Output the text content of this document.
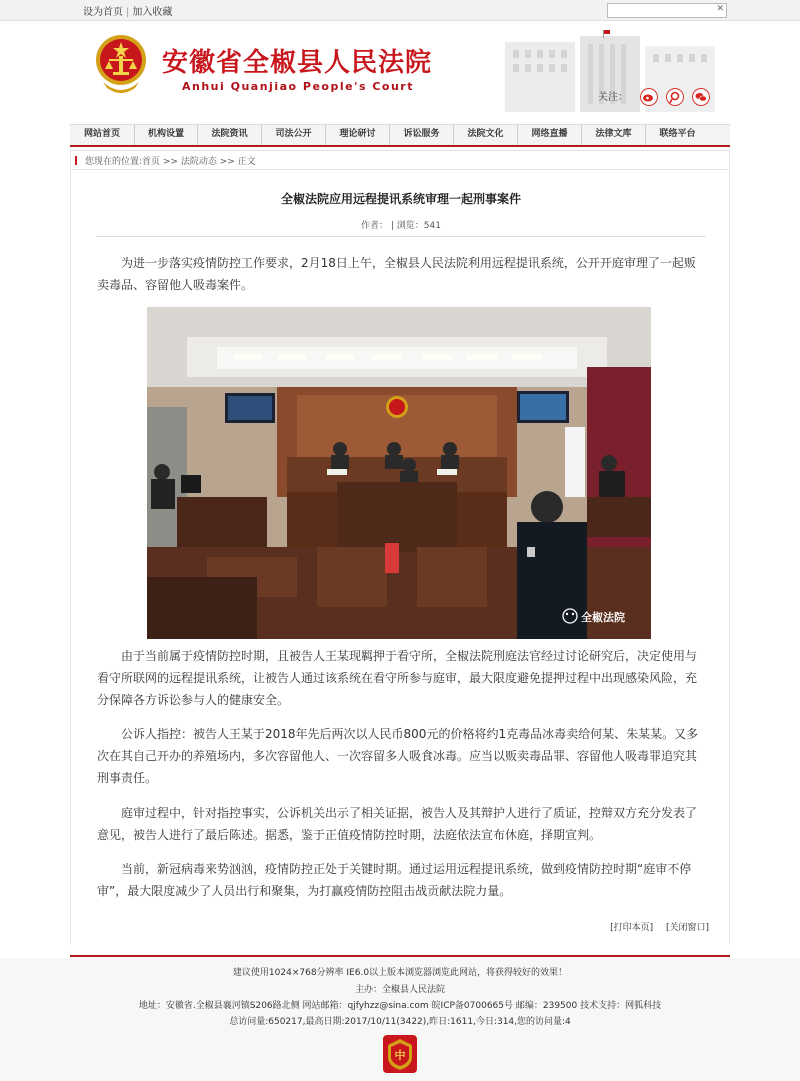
设为首页 | 加入收藏	✕
安徽省全椒县人民法院
Anhui Quanjiao People's Court
关注：
网站首页	机构设置	法院资讯	司法公开	理论研讨	诉讼服务	法院文化	网络直播	法律文库	联络平台
您现在的位置:首页 >> 法院动态 >> 正文
全椒法院应用远程提讯系统审理一起刑事案件
作者： | 浏览：541

为进一步落实疫情防控工作要求，2月18日上午，全椒县人民法院利用远程提讯系统，公开开庭审理了一起贩卖毒品、容留他人吸毒案件。

全椒法院

由于当前属于疫情防控时期，且被告人王某现羁押于看守所，全椒法院刑庭法官经过讨论研究后，决定使用与看守所联网的远程提讯系统，让被告人通过该系统在看守所参与庭审，最大限度避免提押过程中出现感染风险，充分保障各方诉讼参与人的健康安全。

公诉人指控：被告人王某于2018年先后两次以人民币800元的价格将约1克毒品冰毒卖给何某、朱某某。又多次在其自己开办的养殖场内，多次容留他人、一次容留多人吸食冰毒。应当以贩卖毒品罪、容留他人吸毒罪追究其刑事责任。

庭审过程中，针对指控事实，公诉机关出示了相关证据，被告人及其辩护人进行了质证，控辩双方充分发表了意见，被告人进行了最后陈述。据悉，鉴于正值疫情防控时期，法庭依法宣布休庭，择期宣判。

当前，新冠病毒来势汹汹，疫情防控正处于关键时期。通过运用远程提讯系统，做到疫情防控时期“庭审不停审”，最大限度减少了人员出行和聚集，为打赢疫情防控阻击战贡献法院力量。

[打印本页] [关闭窗口]

建议使用1024×768分辨率 IE6.0以上版本浏览器浏览此网站，将获得较好的效果！

主办：全椒县人民法院

地址：安徽省.全椒县襄河镇S206路北侧 网站邮箱：qjfyhzz@sina.com 皖ICP备0700665号 邮编：239500 技术支持：网狐科技

总访问量:650217,最高日期:2017/10/11(3422),昨日:1611,今日:314,您的访问量:4

中
